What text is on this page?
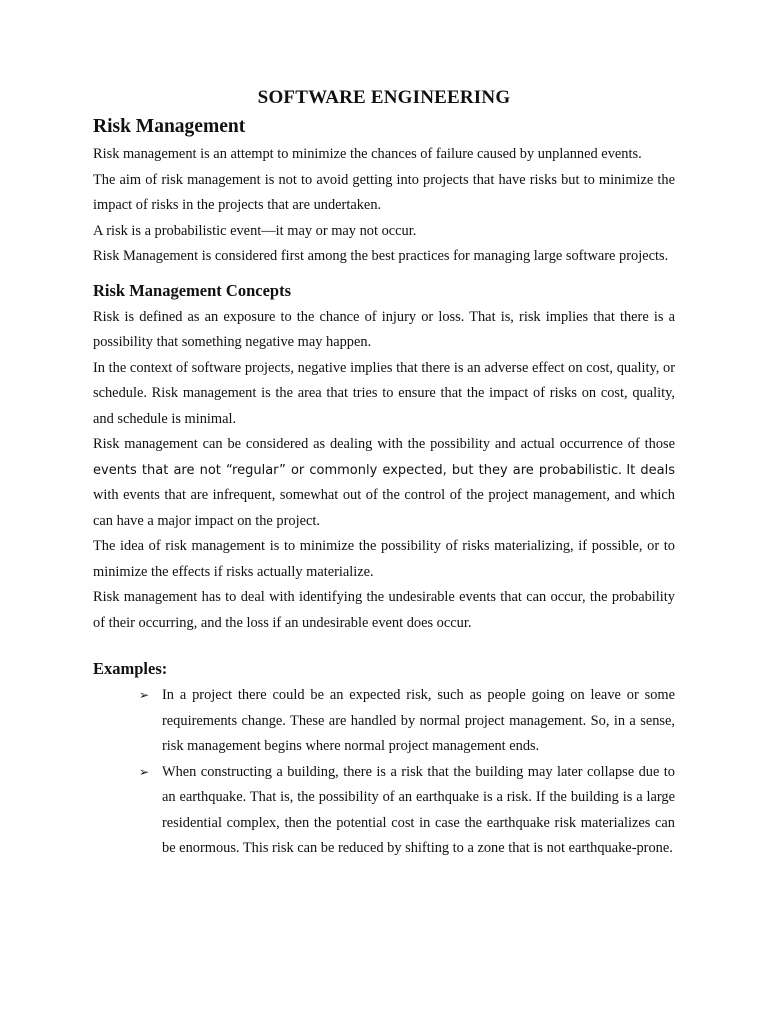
SOFTWARE ENGINEERING
Risk Management

Risk management is an attempt to minimize the chances of failure caused by unplanned events.

The aim of risk management is not to avoid getting into projects that have risks but to minimize the impact of risks in the projects that are undertaken.

A risk is a probabilistic event—it may or may not occur.

Risk Management is considered first among the best practices for managing large software projects.

Risk Management Concepts

Risk is defined as an exposure to the chance of injury or loss. That is, risk implies that there is a possibility that something negative may happen.

In the context of software projects, negative implies that there is an adverse effect on cost, quality, or schedule. Risk management is the area that tries to ensure that the impact of risks on cost, quality, and schedule is minimal.

Risk management can be considered as dealing with the possibility and actual occurrence of those events that are not “regular” or commonly expected, but they are probabilistic. It deals with events that are infrequent, somewhat out of the control of the project management, and which can have a major impact on the project.

The idea of risk management is to minimize the possibility of risks materializing, if possible, or to minimize the effects if risks actually materialize.

Risk management has to deal with identifying the undesirable events that can occur, the probability of their occurring, and the loss if an undesirable event does occur.

Examples:
➢ In a project there could be an expected risk, such as people going on leave or some requirements change. These are handled by normal project management. So, in a sense, risk management begins where normal project management ends.
➢ When constructing a building, there is a risk that the building may later collapse due to an earthquake. That is, the possibility of an earthquake is a risk. If the building is a large residential complex, then the potential cost in case the earthquake risk materializes can be enormous. This risk can be reduced by shifting to a zone that is not earthquake-prone.
